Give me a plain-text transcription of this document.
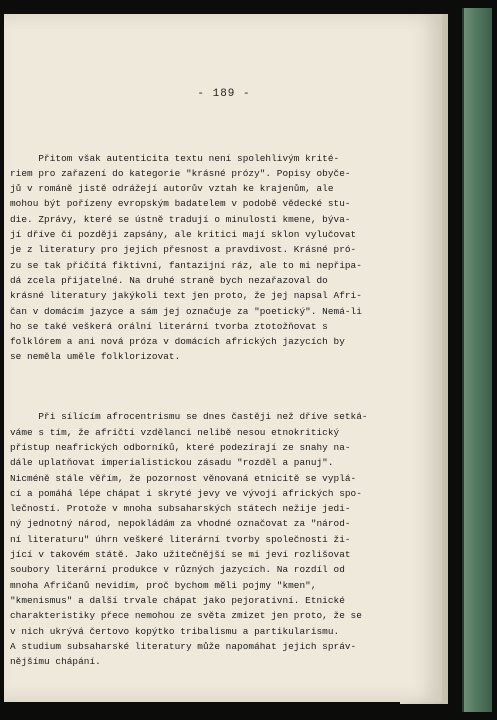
- 189 -

Přitom však autenticita textu není spolehlivým krité-
riem pro zařazení do kategorie "krásné prózy". Popisy obyče-
jů v románě jistě odrážejí autorův vztah ke krajenům, ale
mohou být pořízeny evropským badatelem v podobě vědecké stu-
die. Zprávy, které se ústně tradují o minulosti kmene, býva-
jí dříve či později zapsány, ale kritici mají sklon vylučovat
je z literatury pro jejich přesnost a pravdivost. Krásné pró-
zu se tak přičítá fiktivní, fantazijní ráz, ale to mi nepřipa-
dá zcela přijatelné. Na druhé straně bych nezařazoval do
krásné literatury jakýkoli text jen proto, že jej napsal Afri-
čan v domácím jazyce a sám jej označuje za "poetický". Nemá-li
ho se také veškerá orální literární tvorba ztotožňovat s
folklórem a ani nová próza v domácích afrických jazycích by
se neměla uměle folklorizovat.

Při sílícím afrocentrismu se dnes častěji než dříve setká-
váme s tím, že afričtí vzdělanci nelibě nesou etnokritický
přístup neafrických odborníků, které podezírají ze snahy na-
dále uplatňovat imperialistickou zásadu "rozděl a panuj".
Nicméně stále věřím, že pozornost věnovaná etnicitě se vyplá-
cí a pomáhá lépe chápat i skryté jevy ve vývoji afrických spo-
lečností. Protože v mnoha subsaharských státech nežije jedi-
ný jednotný národ, nepokládám za vhodné označovat za "národ-
ní literaturu" úhrn veškeré literární tvorby společnosti ži-
jící v takovém státě. Jako užitečnější se mi jeví rozlišovat
soubory literární produkce v různých jazycích. Na rozdíl od
mnoha Afričanů nevidím, proč bychom měli pojmy "kmen",
"kmenismus" a další trvale chápat jako pejorativní. Etnické
charakteristiky přece nemohou ze světa zmizet jen proto, že se
v nich ukrývá čertovo kopýtko tribalismu a partikularismu.
A studium subsaharské literatury může napomáhat jejich správ-
nějšímu chápání.
